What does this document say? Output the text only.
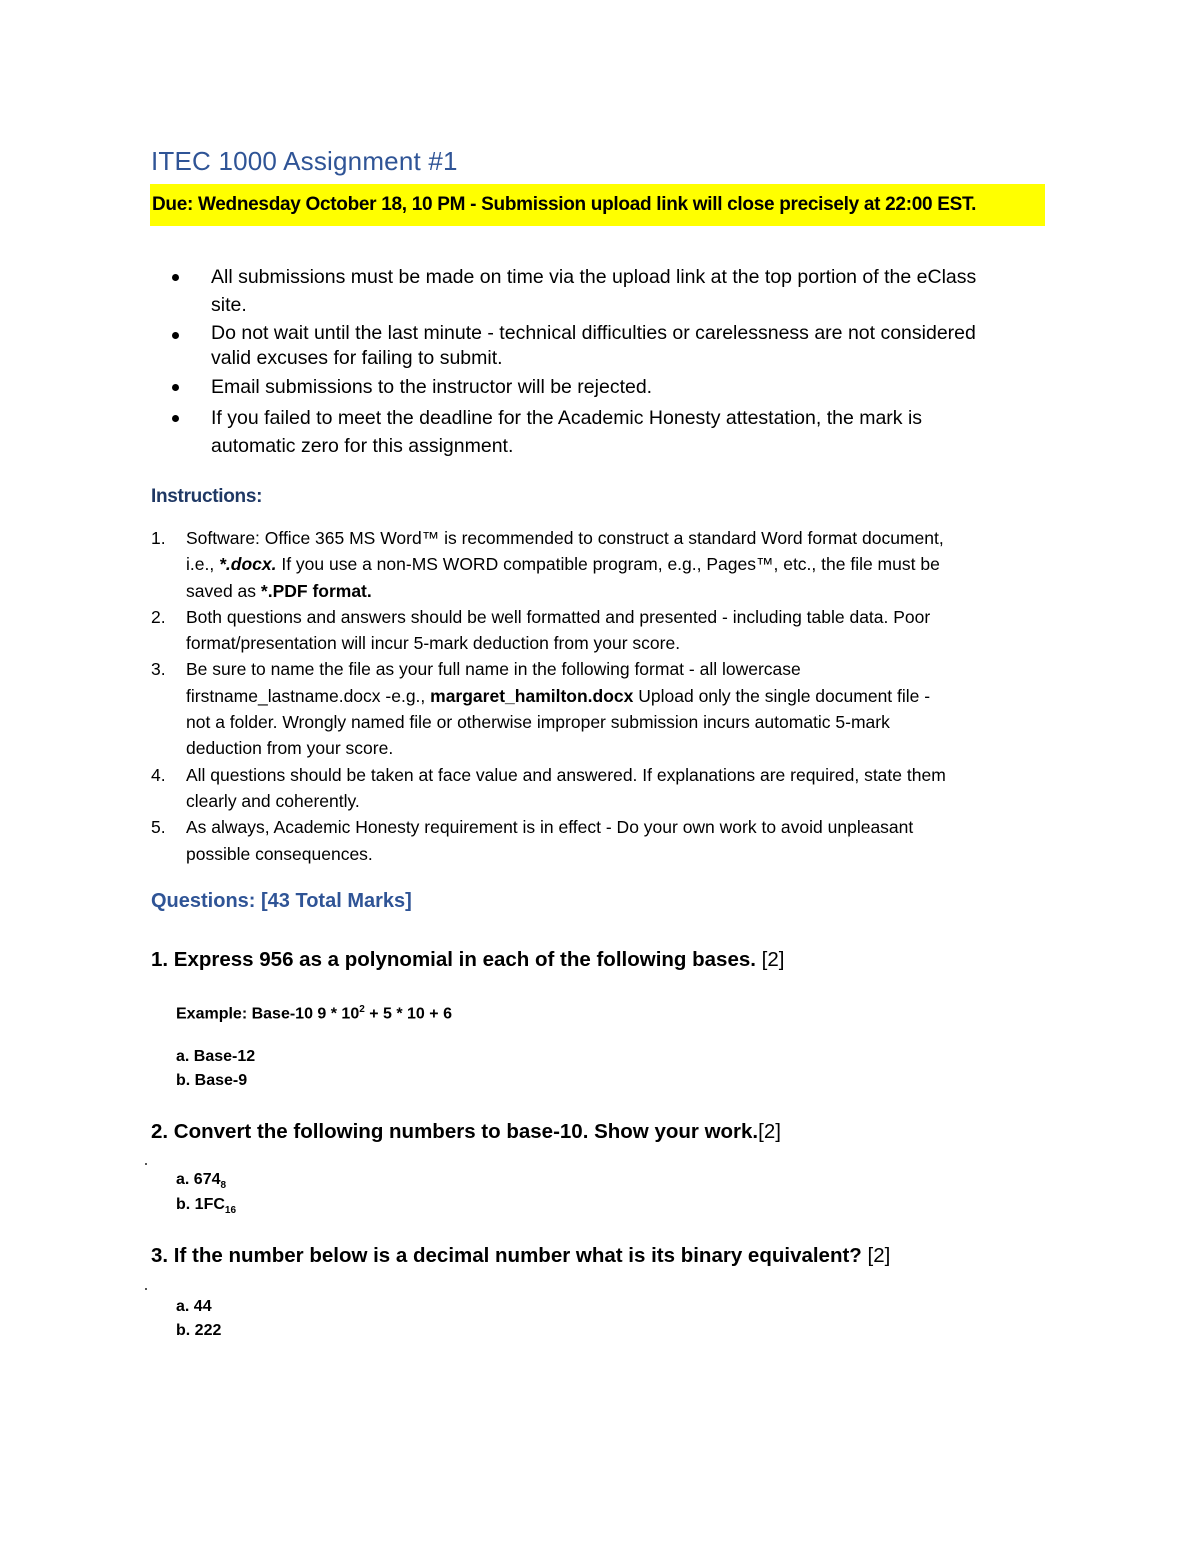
ITEC 1000 Assignment #1
Due: Wednesday October 18, 10 PM - Submission upload link will close precisely at 22:00 EST.
All submissions must be made on time via the upload link at the top portion of the eClass site.
Do not wait until the last minute - technical difficulties or carelessness are not considered valid excuses for failing to submit.
Email submissions to the instructor will be rejected.
If you failed to meet the deadline for the Academic Honesty attestation, the mark is automatic zero for this assignment.
Instructions:
1. Software: Office 365 MS Word™ is recommended to construct a standard Word format document, i.e., *.docx. If you use a non-MS WORD compatible program, e.g., Pages™, etc., the file must be saved as *.PDF format.
2. Both questions and answers should be well formatted and presented - including table data. Poor format/presentation will incur 5-mark deduction from your score.
3. Be sure to name the file as your full name in the following format - all lowercase firstname_lastname.docx -e.g., margaret_hamilton.docx Upload only the single document file - not a folder. Wrongly named file or otherwise improper submission incurs automatic 5-mark deduction from your score.
4. All questions should be taken at face value and answered. If explanations are required, state them clearly and coherently.
5. As always, Academic Honesty requirement is in effect - Do your own work to avoid unpleasant possible consequences.
Questions: [43 Total Marks]
1. Express 956 as a polynomial in each of the following bases. [2]
Example: Base-10 $9 * 10^2 + 5 * 10 + 6$
a. Base-12
b. Base-9
2. Convert the following numbers to base-10. Show your work.[2]
a. $674_8$
b. $1FC_{16}$
3. If the number below is a decimal number what is its binary equivalent? [2]
a. 44
b. 222
